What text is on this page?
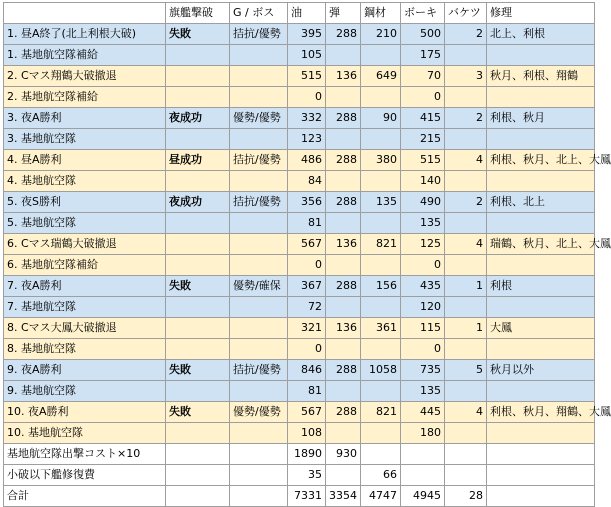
	旗艦撃破	G / ボス	油	弾	鋼材	ボーキ	バケツ	修理
1. 昼A終了(北上利根大破)	失敗	拮抗/優勢	395	288	210	500	2	北上、利根
1. 基地航空隊補給			105			175		
2. Cマス翔鶴大破撤退			515	136	649	70	3	秋月、利根、翔鶴
2. 基地航空隊補給			0			0		
3. 夜A勝利	夜成功	優勢/優勢	332	288	90	415	2	利根、秋月
3. 基地航空隊			123			215		
4. 昼A勝利	昼成功	拮抗/優勢	486	288	380	515	4	利根、秋月、北上、大鳳
4. 基地航空隊			84			140		
5. 夜S勝利	夜成功	拮抗/優勢	356	288	135	490	2	利根、北上
5. 基地航空隊			81			135		
6. Cマス瑞鶴大破撤退			567	136	821	125	4	瑞鶴、秋月、北上、大鳳
6. 基地航空隊補給			0			0		
7. 夜A勝利	失敗	優勢/確保	367	288	156	435	1	利根
7. 基地航空隊			72			120		
8. Cマス大鳳大破撤退			321	136	361	115	1	大鳳
8. 基地航空隊			0			0		
9. 夜A勝利	失敗	拮抗/優勢	846	288	1058	735	5	秋月以外
9. 基地航空隊			81			135		
10. 夜A勝利	失敗	優勢/優勢	567	288	821	445	4	利根、秋月、翔鶴、大鳳
10. 基地航空隊			108			180		
基地航空隊出撃コスト×10			1890	930				
小破以下艦修復費			35		66			
合計			7331	3354	4747	4945	28	
